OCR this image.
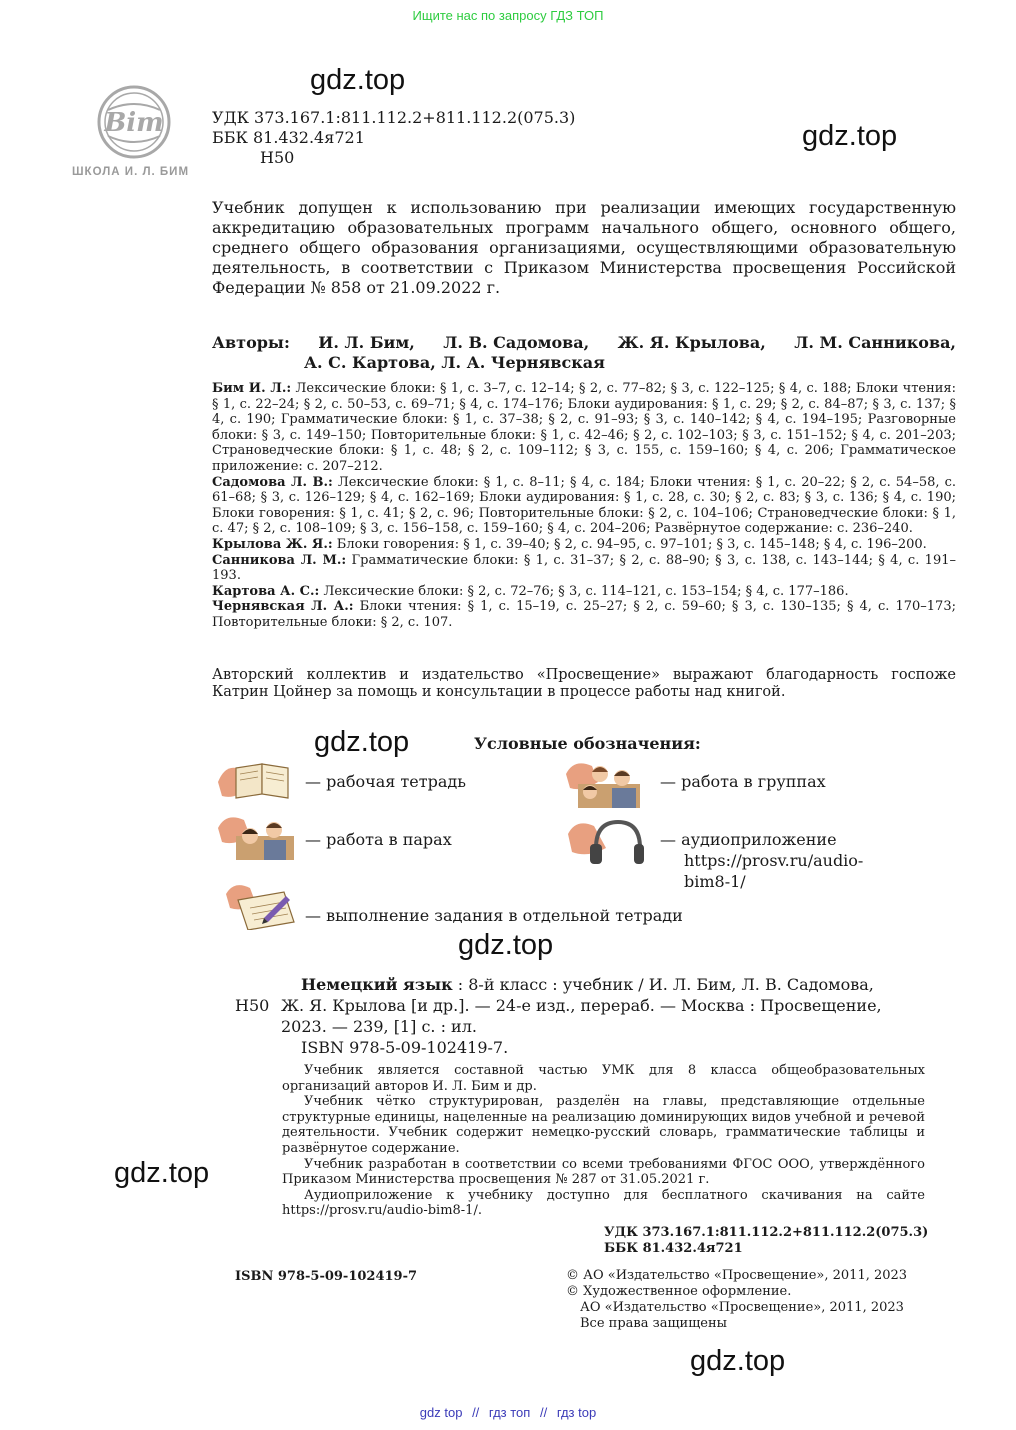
Ищите нас по запросу ГДЗ ТОП
Bim
ШКОЛА И. Л. БИМ
gdz.top
gdz.top
gdz.top
gdz.top
gdz.top
gdz.top
УДК 373.167.1:811.112.2+811.112.2(075.3)
ББК 81.432.4я721
Н50
Учебник допущен к использованию при реализации имеющих государственную аккредитацию образовательных программ начального общего, основного общего, среднего общего образования организациями, осуществляющими образовательную деятельность, в соответствии с Приказом Министерства просвещения Российской Федерации № 858 от 21.09.2022 г.
Авторы: И. Л. Бим, Л. В. Садомова, Ж. Я. Крылова, Л. М. Санникова,
А. С. Картова, Л. А. Чернявская
Бим И. Л.: Лексические блоки: § 1, с. 3–7, с. 12–14; § 2, с. 77–82; § 3, с. 122–125; § 4, с. 188; Блоки чтения: § 1, с. 22–24; § 2, с. 50–53, с. 69–71; § 4, с. 174–176; Блоки аудирования: § 1, с. 29; § 2, с. 84–87; § 3, с. 137; § 4, с. 190; Грамматические блоки: § 1, с. 37–38; § 2, с. 91–93; § 3, с. 140–142; § 4, с. 194–195; Разговорные блоки: § 3, с. 149–150; Повторительные блоки: § 1, с. 42–46; § 2, с. 102–103; § 3, с. 151–152; § 4, с. 201–203; Страноведческие блоки: § 1, с. 48; § 2, с. 109–112; § 3, с. 155, с. 159–160; § 4, с. 206; Грамматическое приложение: с. 207–212.
Садомова Л. В.: Лексические блоки: § 1, с. 8–11; § 4, с. 184; Блоки чтения: § 1, с. 20–22; § 2, с. 54–58, с. 61–68; § 3, с. 126–129; § 4, с. 162–169; Блоки аудирования: § 1, с. 28, с. 30; § 2, с. 83; § 3, с. 136; § 4, с. 190; Блоки говорения: § 1, с. 41; § 2, с. 96; Повторительные блоки: § 2, с. 104–106; Страноведческие блоки: § 1, с. 47; § 2, с. 108–109; § 3, с. 156–158, с. 159–160; § 4, с. 204–206; Развёрнутое содержание: с. 236–240.
Крылова Ж. Я.: Блоки говорения: § 1, с. 39–40; § 2, с. 94–95, с. 97–101; § 3, с. 145–148; § 4, с. 196–200.
Санникова Л. М.: Грамматические блоки: § 1, с. 31–37; § 2, с. 88–90; § 3, с. 138, с. 143–144; § 4, с. 191–193.
Картова А. С.: Лексические блоки: § 2, с. 72–76; § 3, с. 114–121, с. 153–154; § 4, с. 177–186.
Чернявская Л. А.: Блоки чтения: § 1, с. 15–19, с. 25–27; § 2, с. 59–60; § 3, с. 130–135; § 4, с. 170–173; Повторительные блоки: § 2, с. 107.
Авторский коллектив и издательство «Просвещение» выражают благодарность госпоже Катрин Цойнер за помощь и консультации в процессе работы над книгой.
Условные обозначения:
— рабочая тетрадь	— работа в группах
— работа в парах	— аудиоприложение
https://prosv.ru/audio-
bim8-1/
— выполнение задания в отдельной тетради
Н50
Немецкий язык : 8-й класс : учебник / И. Л. Бим, Л. В. Садомова,
Ж. Я. Крылова [и др.]. — 24-е изд., перераб. — Москва : Просвещение,
2023. — 239, [1] с. : ил.
ISBN 978-5-09-102419-7.

Учебник является составной частью УМК для 8 класса общеобразовательных организаций авторов И. Л. Бим и др.

Учебник чётко структурирован, разделён на главы, представляющие отдельные структурные единицы, нацеленные на реализацию доминирующих видов учебной и речевой деятельности. Учебник содержит немецко-русский словарь, грамматические таблицы и развёрнутое содержание.

Учебник разработан в соответствии со всеми требованиями ФГОС ООО, утверждённого Приказом Министерства просвещения № 287 от 31.05.2021 г.

Аудиоприложение к учебнику доступно для бесплатного скачивания на сайте https://prosv.ru/audio-bim8-1/.

УДК 373.167.1:811.112.2+811.112.2(075.3)
ББК 81.432.4я721
ISBN 978-5-09-102419-7	© АО «Издательство «Просвещение», 2011, 2023
© Художественное оформление.
АО «Издательство «Просвещение», 2011, 2023
Все права защищены
gdz top // гдз топ // гдз top
